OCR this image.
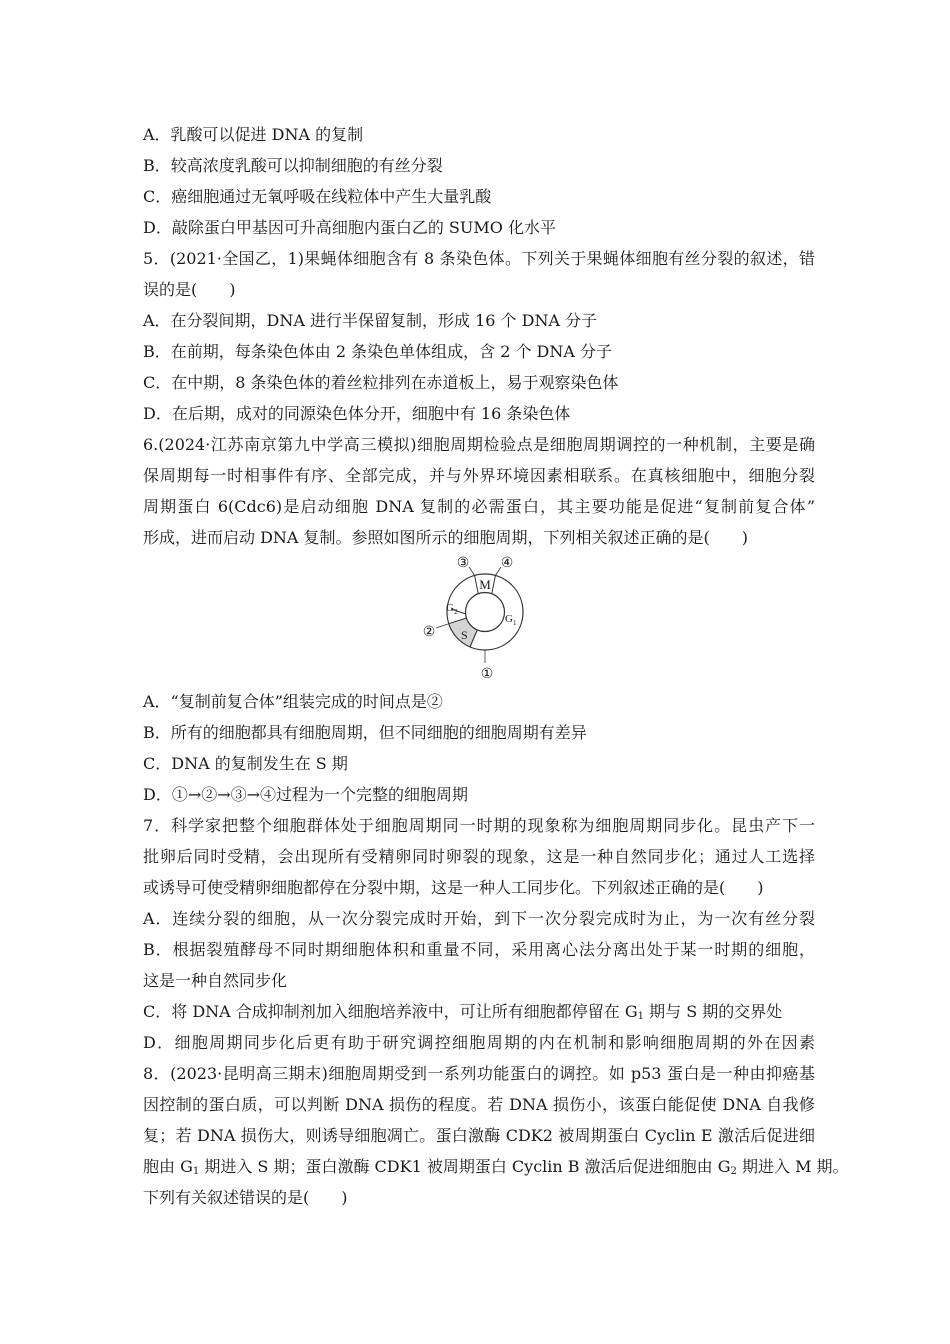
A．乳酸可以促进 DNA 的复制
B．较高浓度乳酸可以抑制细胞的有丝分裂
C．癌细胞通过无氧呼吸在线粒体中产生大量乳酸
D．敲除蛋白甲基因可升高细胞内蛋白乙的 SUMO 化水平
5．(2021·全国乙，1)果蝇体细胞含有 8 条染色体。下列关于果蝇体细胞有丝分裂的叙述，错
误的是(　　)
A．在分裂间期，DNA 进行半保留复制，形成 16 个 DNA 分子
B．在前期，每条染色体由 2 条染色单体组成，含 2 个 DNA 分子
C．在中期，8 条染色体的着丝粒排列在赤道板上，易于观察染色体
D．在后期，成对的同源染色体分开，细胞中有 16 条染色体
6.(2024·江苏南京第九中学高三模拟)细胞周期检验点是细胞周期调控的一种机制，主要是确
保周期每一时相事件有序、全部完成，并与外界环境因素相联系。在真核细胞中，细胞分裂
周期蛋白 6(Cdc6)是启动细胞 DNA 复制的必需蛋白，其主要功能是促进“复制前复合体”
形成，进而启动 DNA 复制。参照如图所示的细胞周期，下列相关叙述正确的是(　　)
M
$G_2$
$G_1$
S
③ ④
②
①
A．“复制前复合体”组装完成的时间点是②
B．所有的细胞都具有细胞周期，但不同细胞的细胞周期有差异
C．DNA 的复制发生在 S 期
D．①→②→③→④过程为一个完整的细胞周期
7．科学家把整个细胞群体处于细胞周期同一时期的现象称为细胞周期同步化。昆虫产下一
批卵后同时受精，会出现所有受精卵同时卵裂的现象，这是一种自然同步化；通过人工选择
或诱导可使受精卵细胞都停在分裂中期，这是一种人工同步化。下列叙述正确的是(　　)
A．连续分裂的细胞，从一次分裂完成时开始，到下一次分裂完成时为止，为一次有丝分裂
B．根据裂殖酵母不同时期细胞体积和重量不同，采用离心法分离出处于某一时期的细胞，
这是一种自然同步化
C．将 DNA 合成抑制剂加入细胞培养液中，可让所有细胞都停留在 $G_1$ 期与 S 期的交界处
D．细胞周期同步化后更有助于研究调控细胞周期的内在机制和影响细胞周期的外在因素
8．(2023·昆明高三期末)细胞周期受到一系列功能蛋白的调控。如 p53 蛋白是一种由抑癌基
因控制的蛋白质，可以判断 DNA 损伤的程度。若 DNA 损伤小，该蛋白能促使 DNA 自我修
复；若 DNA 损伤大，则诱导细胞凋亡。蛋白激酶 CDK2 被周期蛋白 Cyclin E 激活后促进细
胞由 $G_1$ 期进入 S 期；蛋白激酶 CDK1 被周期蛋白 Cyclin B 激活后促进细胞由 $G_2$ 期进入 M 期。
下列有关叙述错误的是(　　)
